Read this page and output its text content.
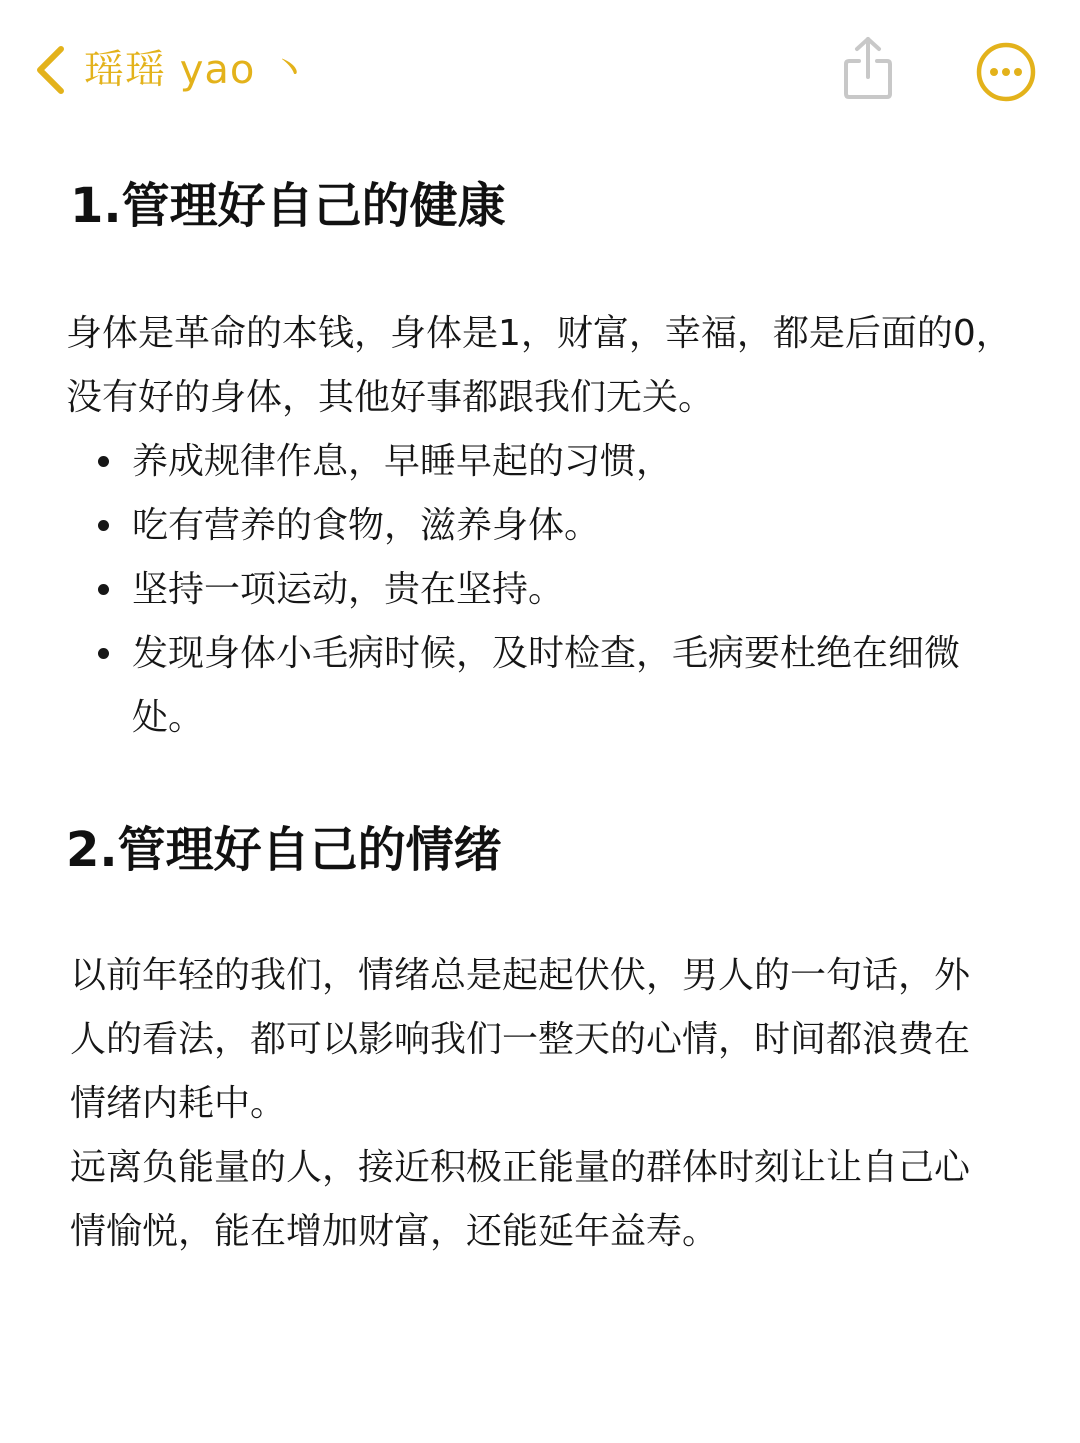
瑶瑶 yao 丶
1.管理好自己的健康

身体是革命的本钱，身体是1，财富，幸福，都是后面的0，没有好的身体，其他好事都跟我们无关。

养成规律作息，早睡早起的习惯，
吃有营养的食物，滋养身体。
坚持一项运动，贵在坚持。
发现身体小毛病时候，及时检查，毛病要杜绝在细微处。
2.管理好自己的情绪

以前年轻的我们，情绪总是起起伏伏，男人的一句话，外人的看法，都可以影响我们一整天的心情，时间都浪费在情绪内耗中。

远离负能量的人，接近积极正能量的群体时刻让让自己心情愉悦，能在增加财富，还能延年益寿。
